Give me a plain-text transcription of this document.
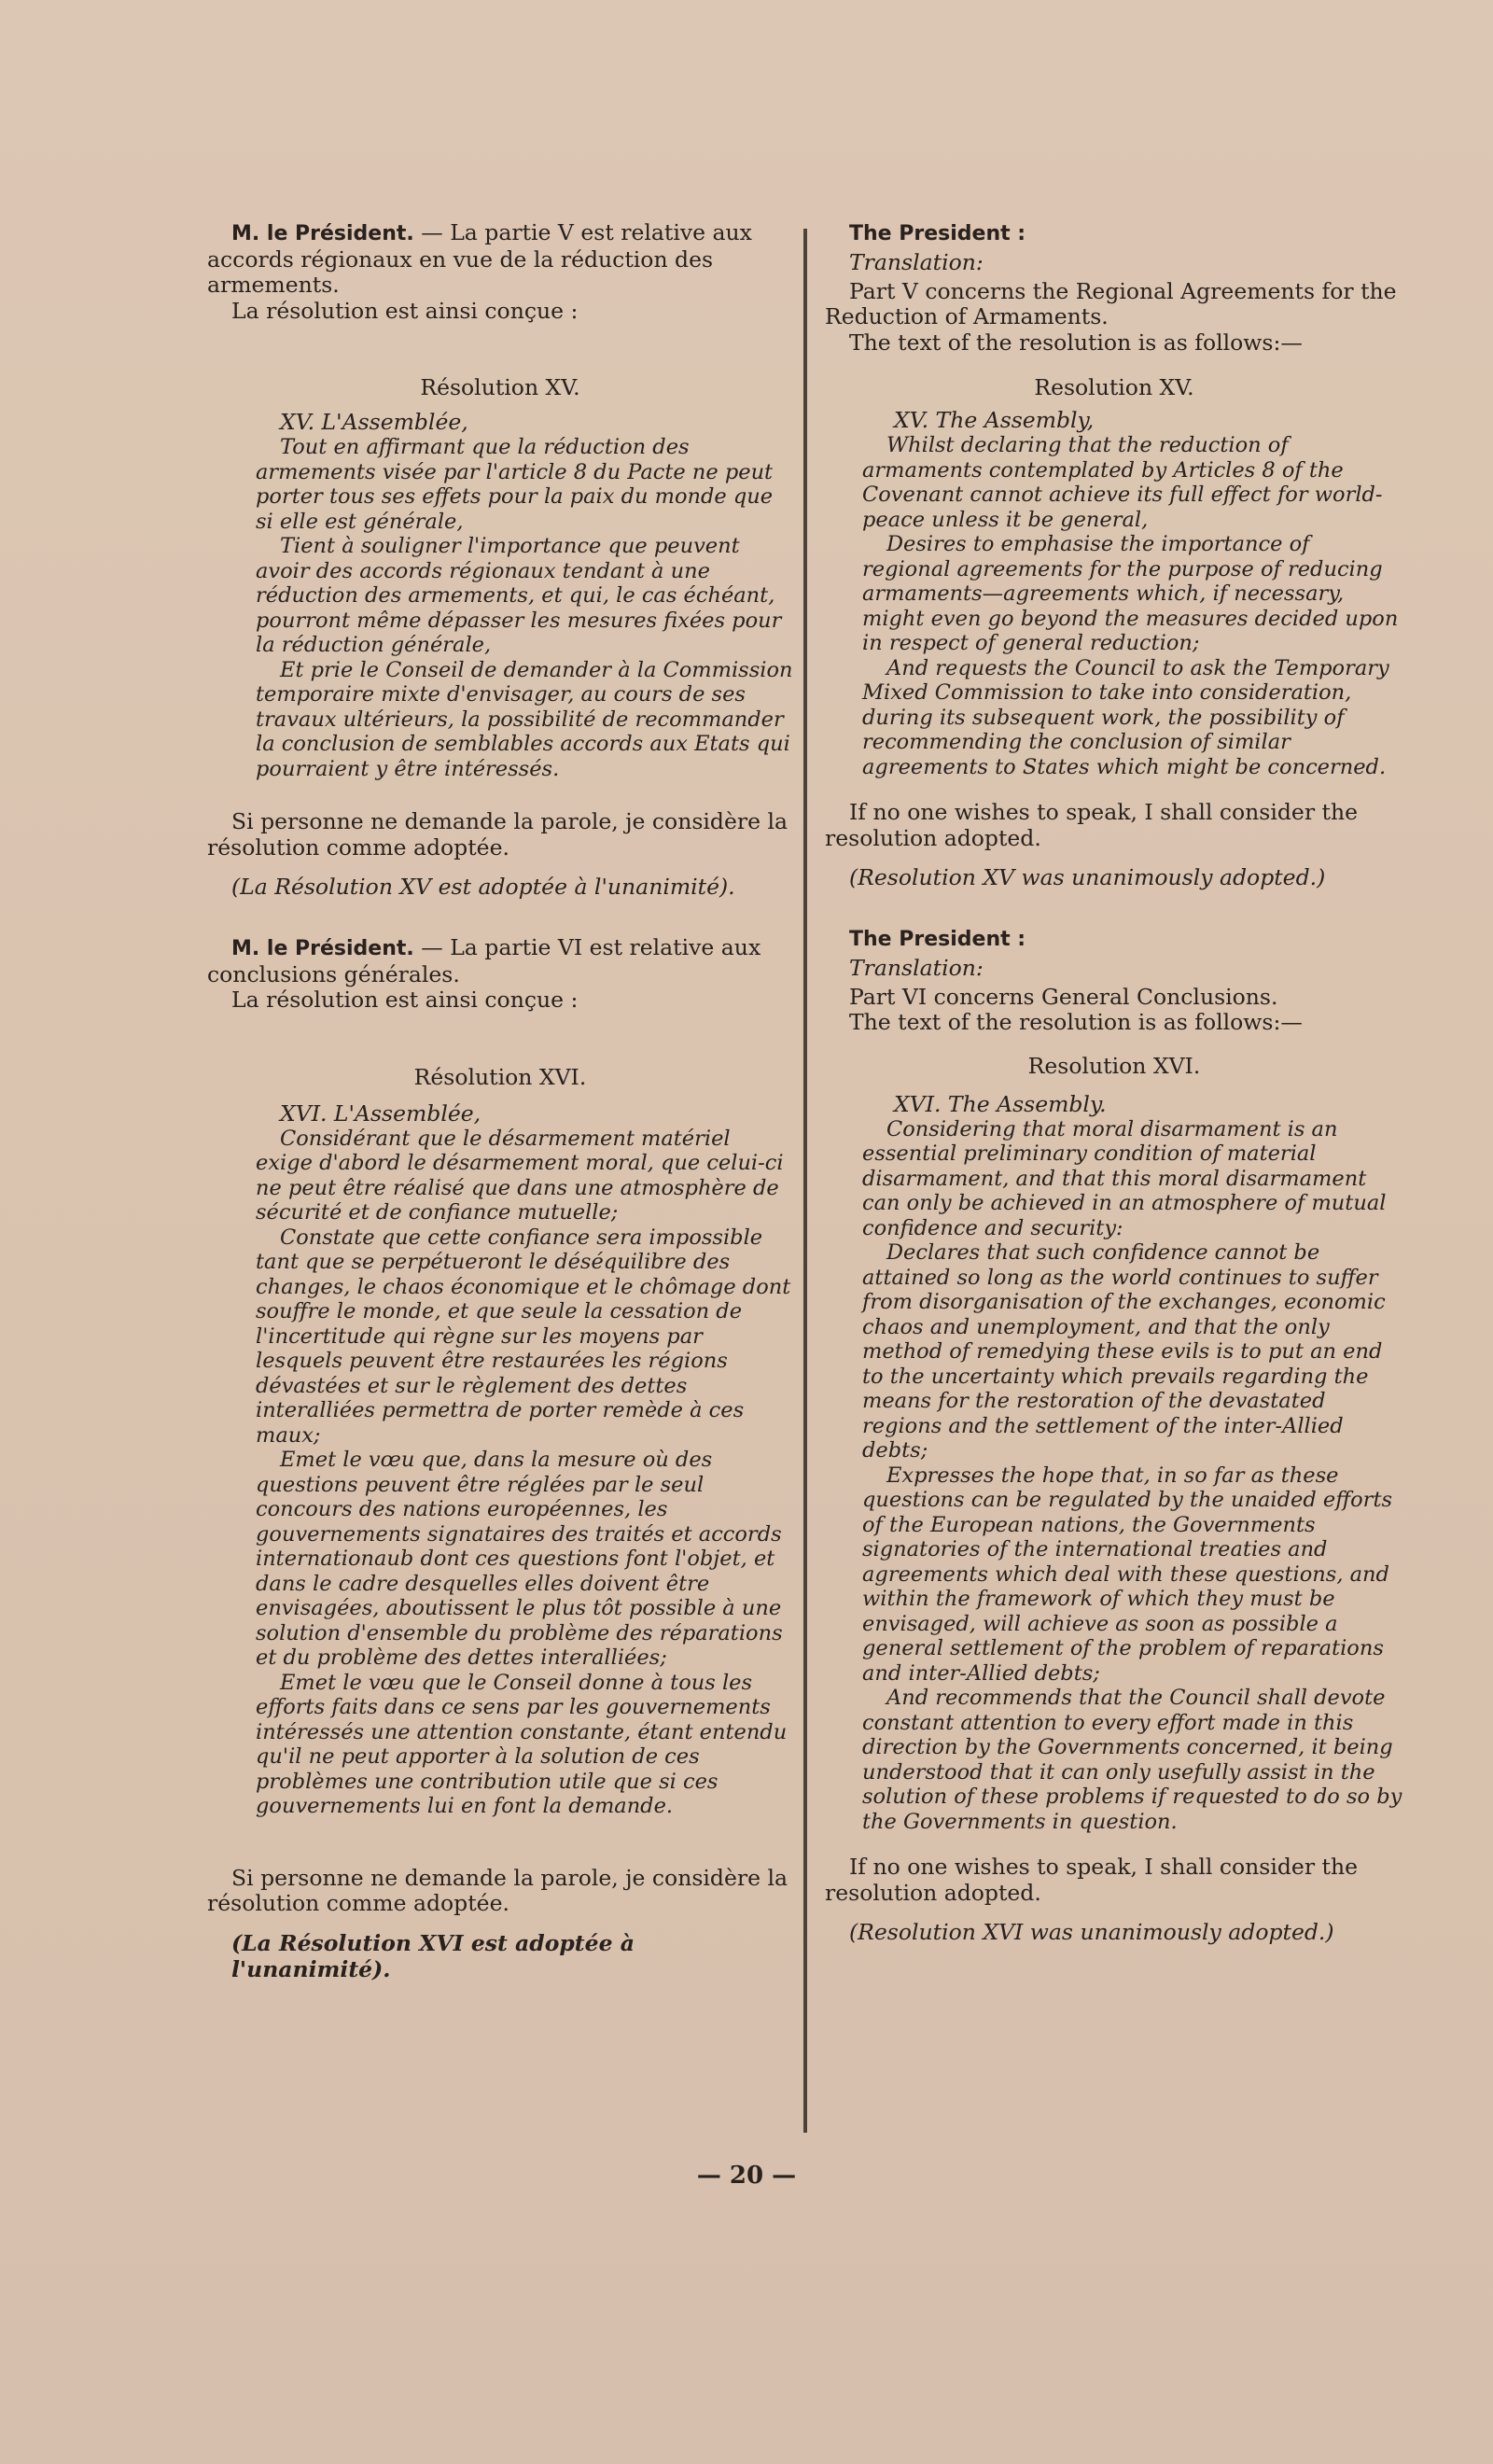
M. le Président. — La partie V est relative aux accords régionaux en vue de la réduction des armements.

La résolution est ainsi conçue :

Résolution XV.

XV. L'Assemblée,

Tout en affirmant que la réduction des armements visée par l'article 8 du Pacte ne peut porter tous ses effets pour la paix du monde que si elle est générale,

Tient à souligner l'importance que peuvent avoir des accords régionaux tendant à une réduction des armements, et qui, le cas échéant, pourront même dépasser les mesures fixées pour la réduction générale,

Et prie le Conseil de demander à la Commission temporaire mixte d'envisager, au cours de ses travaux ultérieurs, la possibilité de recommander la conclusion de semblables accords aux Etats qui pourraient y être intéressés.

Si personne ne demande la parole, je considère la résolution comme adoptée.

(La Résolution XV est adoptée à l'unanimité).

M. le Président. — La partie VI est relative aux conclusions générales.

La résolution est ainsi conçue :

Résolution XVI.

XVI. L'Assemblée,

Considérant que le désarmement matériel exige d'abord le désarmement moral, que celui-ci ne peut être réalisé que dans une atmosphère de sécurité et de confiance mutuelle;

Constate que cette confiance sera impossible tant que se perpétueront le déséquilibre des changes, le chaos économique et le chômage dont souffre le monde, et que seule la cessation de l'incertitude qui règne sur les moyens par lesquels peuvent être restaurées les régions dévastées et sur le règlement des dettes interalliées permettra de porter remède à ces maux;

Emet le vœu que, dans la mesure où des questions peuvent être réglées par le seul concours des nations européennes, les gouvernements signataires des traités et accords internationaub dont ces questions font l'objet, et dans le cadre desquelles elles doivent être envisagées, aboutissent le plus tôt possible à une solution d'ensemble du problème des réparations et du problème des dettes interalliées;

Emet le vœu que le Conseil donne à tous les efforts faits dans ce sens par les gouvernements intéressés une attention constante, étant entendu qu'il ne peut apporter à la solution de ces problèmes une contribution utile que si ces gouvernements lui en font la demande.

Si personne ne demande la parole, je considère la résolution comme adoptée.

(La Résolution XVI est adoptée à l'unanimité).

The President :

Translation:

Part V concerns the Regional Agreements for the Reduction of Armaments.

The text of the resolution is as follows:—

Resolution XV.

XV. The Assembly,

Whilst declaring that the reduction of armaments contemplated by Articles 8 of the Covenant cannot achieve its full effect for world-peace unless it be general,

Desires to emphasise the importance of regional agreements for the purpose of reducing armaments—agreements which, if necessary, might even go beyond the measures decided upon in respect of general reduction;

And requests the Council to ask the Temporary Mixed Commission to take into consideration, during its subsequent work, the possibility of recommending the conclusion of similar agreements to States which might be concerned.

If no one wishes to speak, I shall consider the resolution adopted.

(Resolution XV was unanimously adopted.)

The President :

Translation:

Part VI concerns General Conclusions.

The text of the resolution is as follows:—

Resolution XVI.

XVI. The Assembly.

Considering that moral disarmament is an essential preliminary condition of material disarmament, and that this moral disarmament can only be achieved in an atmosphere of mutual confidence and security:

Declares that such confidence cannot be attained so long as the world continues to suffer from disorganisation of the exchanges, economic chaos and unemployment, and that the only method of remedying these evils is to put an end to the uncertainty which prevails regarding the means for the restoration of the devastated regions and the settlement of the inter-Allied debts;

Expresses the hope that, in so far as these questions can be regulated by the unaided efforts of the European nations, the Governments signatories of the international treaties and agreements which deal with these questions, and within the framework of which they must be envisaged, will achieve as soon as possible a general settlement of the problem of reparations and inter-Allied debts;

And recommends that the Council shall devote constant attention to every effort made in this direction by the Governments concerned, it being understood that it can only usefully assist in the solution of these problems if requested to do so by the Governments in question.

If no one wishes to speak, I shall consider the resolution adopted.

(Resolution XVI was unanimously adopted.)

— 20 —
